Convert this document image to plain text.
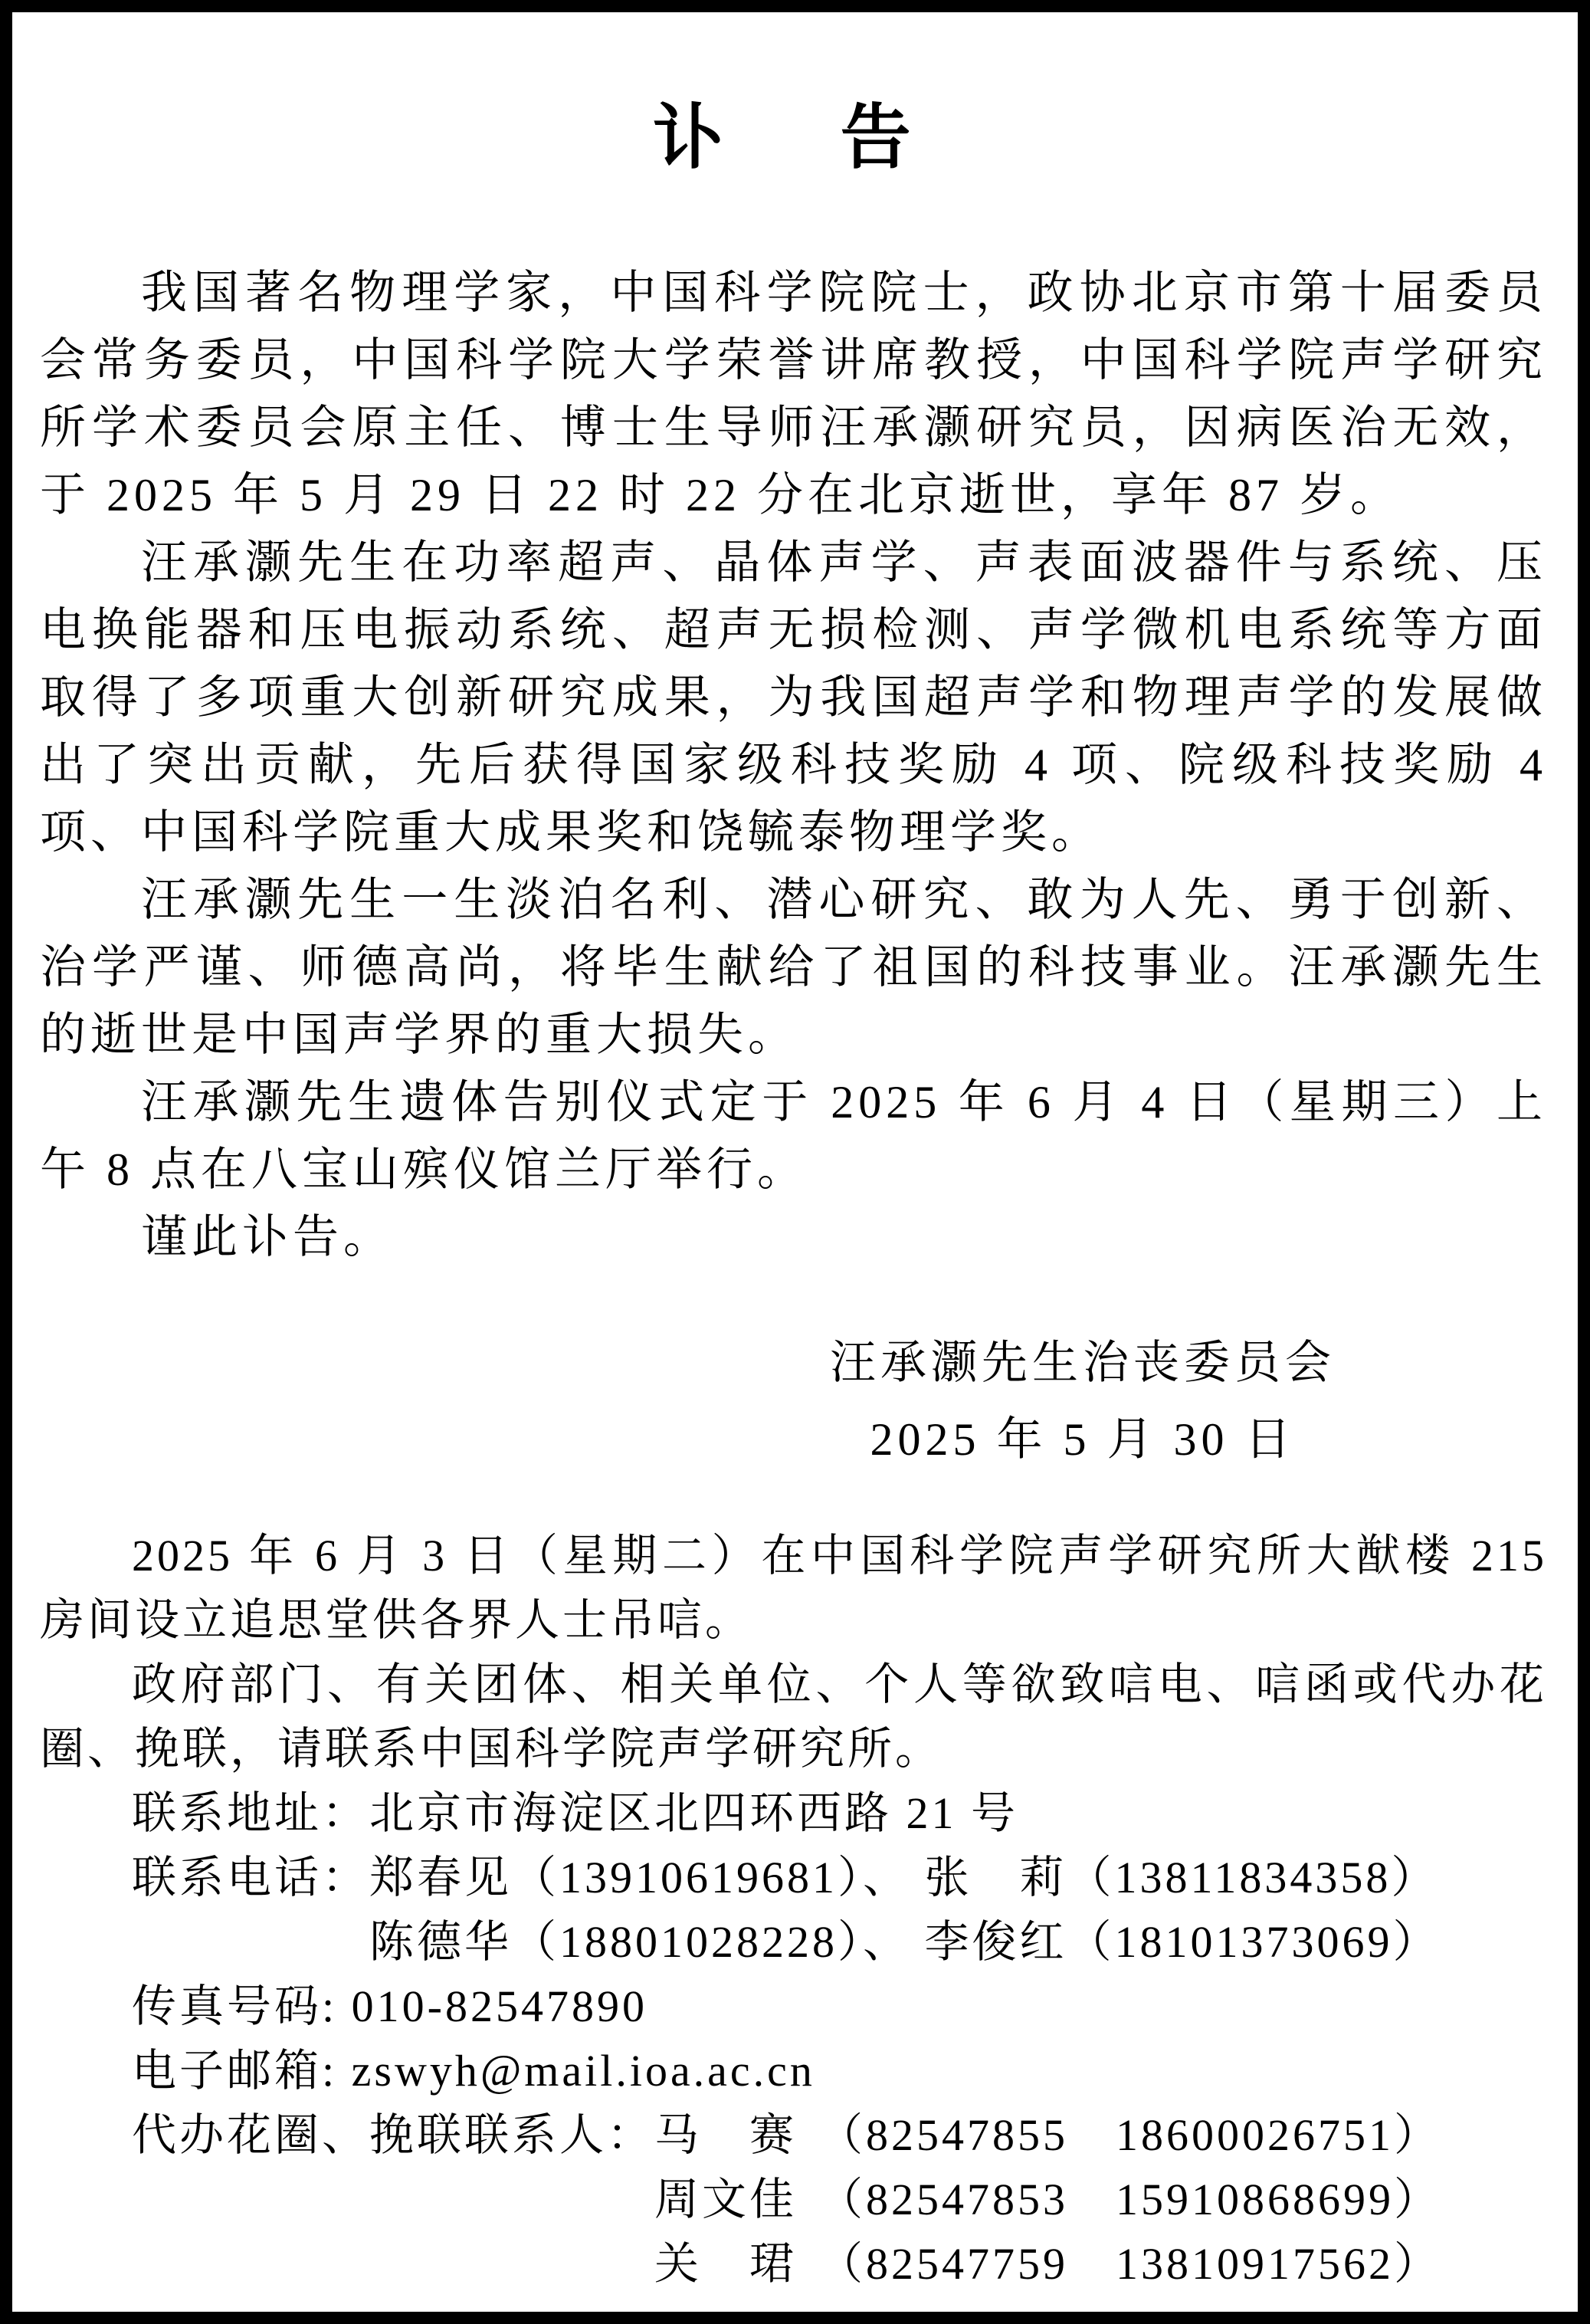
讣　告

我国著名物理学家，中国科学院院士，政协北京市第十届委员会常务委员，中国科学院大学荣誉讲席教授，中国科学院声学研究所学术委员会原主任、博士生导师汪承灏研究员，因病医治无效，于 2025 年 5 月 29 日 22 时 22 分在北京逝世，享年 87 岁。

汪承灏先生在功率超声、晶体声学、声表面波器件与系统、压电换能器和压电振动系统、超声无损检测、声学微机电系统等方面取得了多项重大创新研究成果，为我国超声学和物理声学的发展做出了突出贡献，先后获得国家级科技奖励 4 项、院级科技奖励 4 项、中国科学院重大成果奖和饶毓泰物理学奖。

汪承灏先生一生淡泊名利、潜心研究、敢为人先、勇于创新、治学严谨、师德高尚，将毕生献给了祖国的科技事业。汪承灏先生的逝世是中国声学界的重大损失。

汪承灏先生遗体告别仪式定于 2025 年 6 月 4 日（星期三）上午 8 点在八宝山殡仪馆兰厅举行。

谨此讣告。

汪承灏先生治丧委员会
2025 年 5 月 30 日

2025 年 6 月 3 日（星期二）在中国科学院声学研究所大猷楼 215 房间设立追思堂供各界人士吊唁。

政府部门、有关团体、相关单位、个人等欲致唁电、唁函或代办花圈、挽联，请联系中国科学院声学研究所。

联系地址：北京市海淀区北四环西路 21 号

联系电话：郑春见（13910619681）、 张　莉（13811834358）

陈德华（18801028228）、 李俊红（18101373069）

传真号码: 010-82547890

电子邮箱: zswyh@mail.ioa.ac.cn

代办花圈、挽联联系人：马　赛 （82547855　18600026751）

周文佳 （82547853　15910868699）

关　珺 （82547759　13810917562）
